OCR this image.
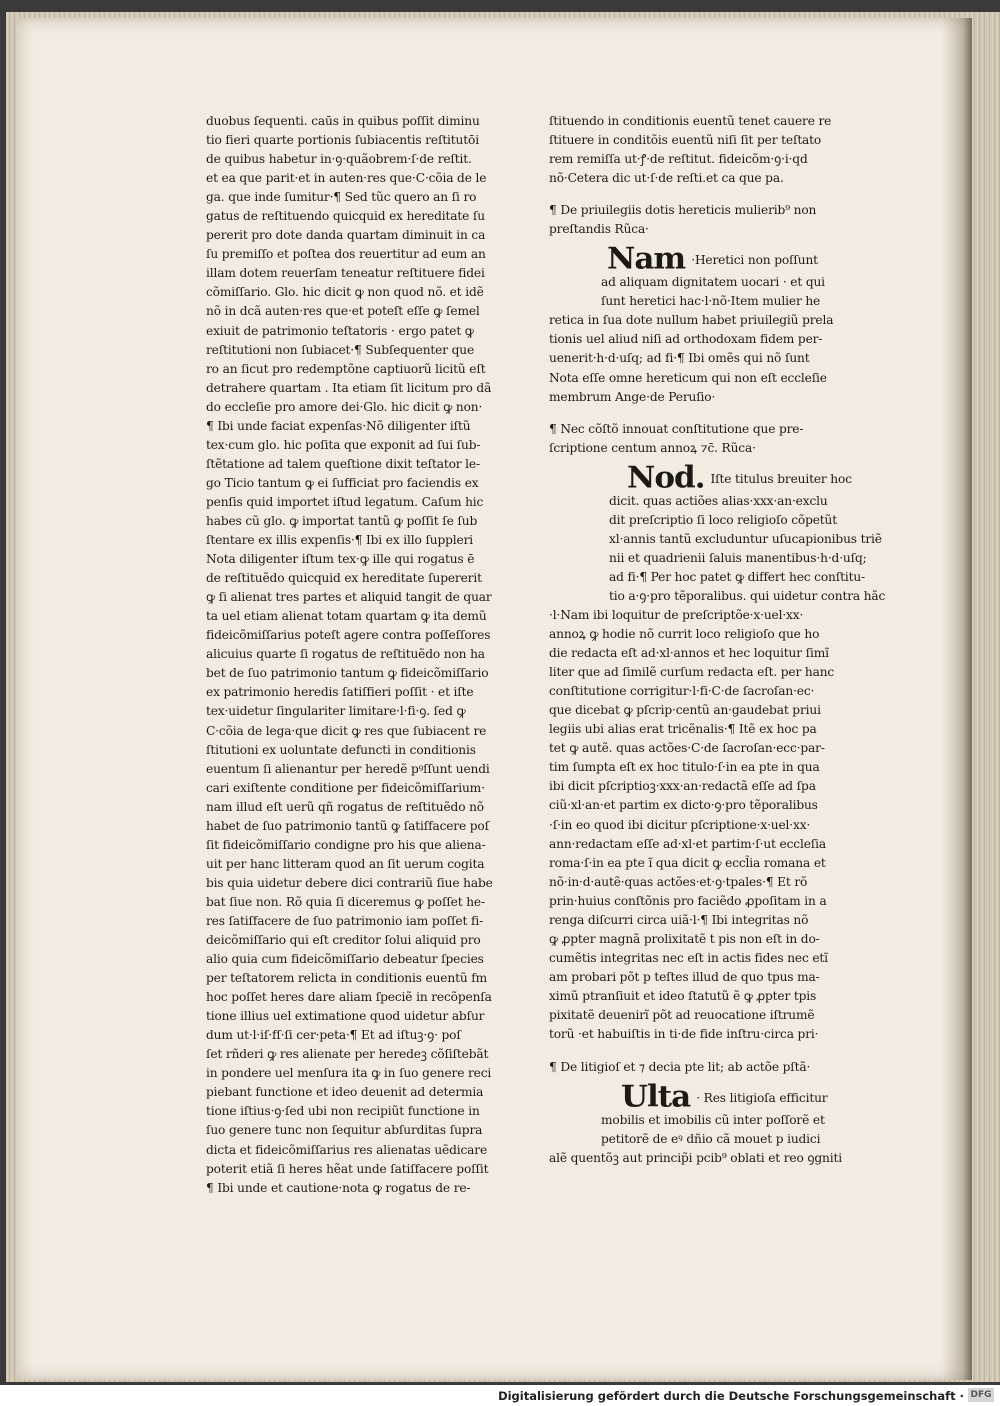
duobus ſequenti. caūs in quibus poſſit diminu
tio fieri quarte portionis ſubiacentis reſtitutōi
de quibus habetur in·ꝯ·quãobrem·ſ·de reſtit.
et ea que parit·et in auten·res que·C·cõia de le
ga. que inde ſumitur·¶ Sed tũc quero an ſi ro
gatus de reſtituendo quicquid ex hereditate ſu
pererit pro dote danda quartam diminuit in ca
ſu premiſſo et poſtea dos reuertitur ad eum an
illam dotem reuerſam teneatur reſtituere fidei
cõmiſſario. Glo. hic dicit ꝙ non quod nõ. et idẽ
nõ in dcã auten·res que·et poteſt eſſe ꝙ ſemel
exiuit de patrimonio teſtatoris · ergo patet ꝙ
reſtitutioni non ſubiacet·¶ Subſequenter que
ro an ſicut pro redemptõne captiuorũ licitũ eſt
detrahere quartam . Ita etiam ſit licitum pro dã
do eccleſie pro amore dei·Glo. hic dicit ꝙ non·
¶ Ibi unde faciat expenſas·Nõ diligenter iſtũ
tex·cum glo. hic poſita que exponit ad ſui ſub-
ſtẽtatione ad talem queſtione dixit teſtator le-
go Ticio tantum ꝙ ei ſufficiat pro faciendis ex
penſis quid importet iſtud legatum. Caſum hic
habes cũ glo. ꝙ importat tantũ ꝙ poſſit ſe ſub
ſtentare ex illis expenſis·¶ Ibi ex illo ſuppleri
Nota diligenter iſtum tex·ꝙ ille qui rogatus ē
de reſtituẽdo quicquid ex hereditate ſupererit
ꝙ ſi alienat tres partes et aliquid tangit de quar
ta uel etiam alienat totam quartam ꝙ ita demũ
fideicõmiſſarius poteſt agere contra poſſeſſores
alicuius quarte ſi rogatus de reſtituẽdo non ha
bet de ſuo patrimonio tantum ꝙ fideicõmiſſario
ex patrimonio heredis ſatiſfieri poſſit · et iſte
tex·uidetur ſingulariter limitare·l·fi·ꝯ. ſed ꝙ
C·cõia de lega·que dicit ꝙ res que ſubiacent re
ſtitutioni ex uoluntate defuncti in conditionis
euentum ſi alienantur per heredẽ pꝰſſunt uendi
cari exiſtente conditione per fideicõmiſſarium·
nam illud eſt uerũ qñ rogatus de reſtituẽdo nõ
habet de ſuo patrimonio tantũ ꝙ ſatiſfacere poſ
ſit fideicõmiſſario condigne pro his que aliena-
uit per hanc litteram quod an ſit uerum cogita
bis quia uidetur debere dici contrariũ ſiue habe
bat ſiue non. Rõ quia ſi diceremus ꝙ poſſet he-
res ſatiſfacere de ſuo patrimonio iam poſſet fi-
deicõmiſſario qui eſt creditor ſolui aliquid pro
alio quia cum fideicõmiſſario debeatur ſpecies
per teſtatorem relicta in conditionis euentũ fm
hoc poſſet heres dare aliam ſpeciẽ in recõpenſa
tione illius uel extimatione quod uidetur abſur
dum ut·l·iſ·fſ·ſi cer·peta·¶ Et ad iſtuꝫ·ꝯ· poſ
ſet rñderi ꝙ res alienate per heredeꝫ cõſiſtebãt
in pondere uel menſura ita ꝙ in ſuo genere reci
piebant functione et ideo deuenit ad determia
tione iſtius·ꝯ·ſed ubi non recipiũt functione in
ſuo genere tunc non ſequitur abſurditas ſupra
dicta et fideicõmiſſarius res alienatas uẽdicare
poterit etiã ſi heres hẽat unde ſatiſfacere poſſit
¶ Ibi unde et cautione·nota ꝙ rogatus de re-
ſtituendo in conditionis euentũ tenet cauere re
ſtituere in conditõis euentũ niſi ſit per teſtato
rem remiſſa ut·ꝭ·de reſtitut. fideicõm·ꝯ·i·qd
nõ·Cetera dic ut·ſ·de reſti.et ca que pa.
¶ De priuilegiis dotis hereticis mulierib⁹ non
preſtandis Rũca·
Nam ·Heretici non poſſunt
ad aliquam dignitatem uocari · et qui
ſunt heretici hac·l·nõ·Item mulier he
retica in ſua dote nullum habet priuilegiũ prela
tionis uel aliud niſi ad orthodoxam fidem per-
uenerit·h·d·uſq; ad fi·¶ Ibi omẽs qui nõ ſunt
Nota eſſe omne hereticum qui non eſt eccleſie
membrum Ange·de Peruſio·
¶ Nec cõſtõ innouat conſtitutione que pre-
ſcriptione centum annoꝝ ⁊c̄. Rũca·
Nod. Iſte titulus breuiter hoc
dicit. quas actiões alias·xxx·an·exclu
dit preſcriptio ſi loco religioſo cõpetũt
xl·annis tantũ excluduntur uſucapionibus triẽ
nii et quadrienii ſaluis manentibus·h·d·uſq;
ad fi·¶ Per hoc patet ꝙ differt hec conſtitu-
tio a·ꝯ·pro tẽporalibus. qui uidetur contra hãc
·l·Nam ibi loquitur de preſcriptõe·x·uel·xx·
annoꝝ ꝙ hodie nõ currit loco religioſo que ho
die redacta eſt ad·xl·annos et hec loquitur ſimĩ
liter que ad ſimilẽ curſum redacta eſt. per hanc
conſtitutione corrigitur·l·fi·C·de ſacroſan·ec·
que dicebat ꝙ pſcrip·centũ an·gaudebat priui
legiis ubi alias erat tricẽnalis·¶ Itẽ ex hoc pa
tet ꝙ autẽ. quas actões·C·de ſacroſan·ecc·par-
tim ſumpta eſt ex hoc titulo·ſ·in ea pte in qua
ibi dicit pſcriptioꝫ·xxx·an·redactã eſſe ad ſpa
ciũ·xl·an·et partim ex dicto·ꝯ·pro tẽporalibus
·ſ·in eo quod ibi dicitur pſcriptione·x·uel·xx·
ann·redactam eſſe ad·xl·et partim·ſ·ut eccleſia
roma·ſ·in ea pte ĩ qua dicit ꝙ eccl̃ia romana et
nõ·in·d·autẽ·quas actões·et·ꝯ·tpales·¶ Et rõ
prin·huius conſtõnis pro faciẽdo ꝓpoſitam in a
renga diſcurri circa uiã·l·¶ Ibi integritas nõ
ꝙ ꝓpter magnã prolixitatẽ t pis non eſt in do-
cumẽtis integritas nec eſt in actis fides nec etĩ
am probari põt p teſtes illud de quo tpus ma-
ximũ ptranſiuit et ideo ſtatutũ ẽ ꝙ ꝓpter tpis
pixitatẽ deuenirĩ põt ad reuocatione iſtrumẽ
torũ ·et habuiſtis in ti·de fide inſtru·circa pri·
¶ De litigioſ et ⁊ decia pte lit; ab actõe pſtã·
Ulta · Res litigioſa efficitur
mobilis et imobilis cũ inter poſſorẽ et
petitorẽ de eꝰ dñio cã mouet p iudici
alẽ quentõꝫ aut princip̃i pcib⁹ oblati et reo ꝯgniti
Digitalisierung gefördert durch die Deutsche Forschungsgemeinschaft · DFG
